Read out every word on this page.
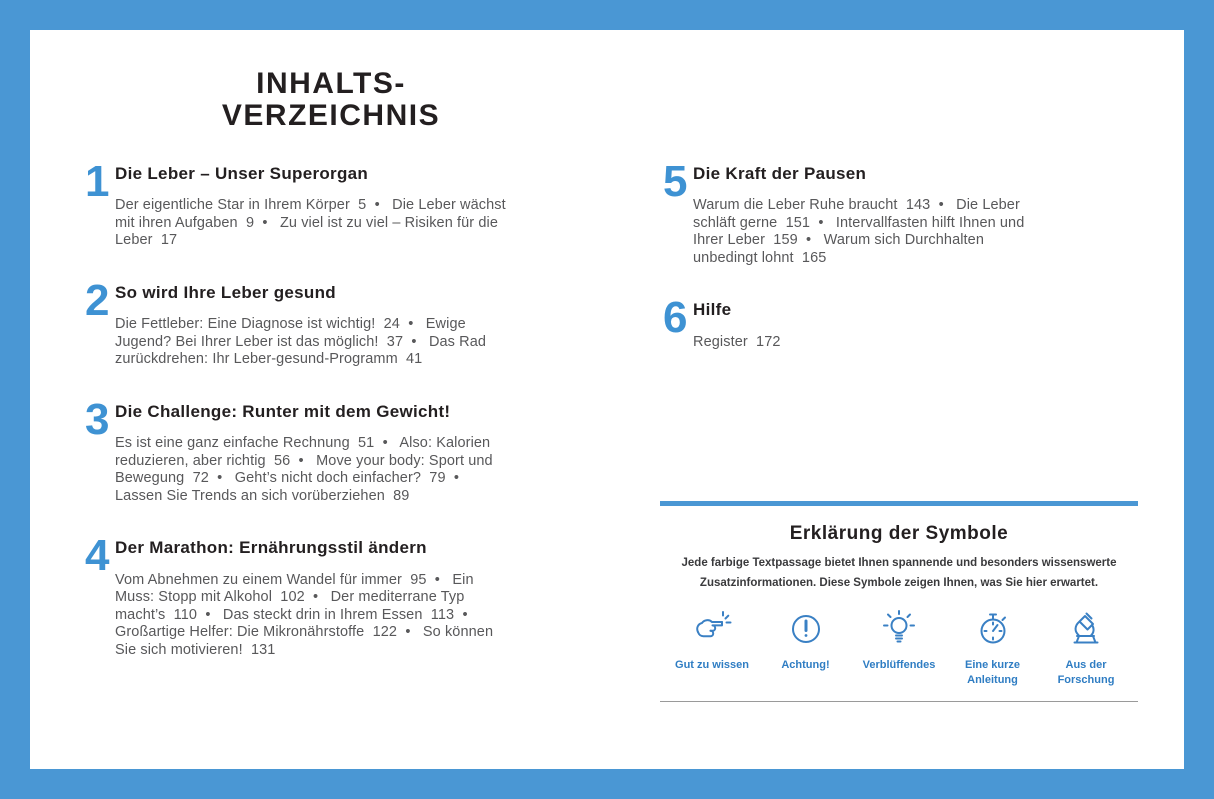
INHALTS-
VERZEICHNIS
1 Die Leber – Unser Superorgan
Der eigentliche Star in Ihrem Körper  5  •   Die Leber wächst mit ihren Aufgaben  9  •   Zu viel ist zu viel – Risiken für die Leber  17
2 So wird Ihre Leber gesund
Die Fettleber: Eine Diagnose ist wichtig!  24  •   Ewige Jugend? Bei Ihrer Leber ist das möglich!  37  •   Das Rad zurückdrehen: Ihr Leber-gesund-Programm  41
3 Die Challenge: Runter mit dem Gewicht!
Es ist eine ganz einfache Rechnung  51  •   Also: Kalorien reduzieren, aber richtig  56  •   Move your body: Sport und Bewegung  72  •   Geht’s nicht doch einfacher?  79  •   Lassen Sie Trends an sich vorüberziehen  89
4 Der Marathon: Ernährungsstil ändern
Vom Abnehmen zu einem Wandel für immer  95  •   Ein Muss: Stopp mit Alkohol  102  •   Der mediterrane Typ macht’s  110  •   Das steckt drin in Ihrem Essen  113  •   Großartige Helfer: Die Mikronährstoffe  122  •   So können Sie sich motivieren!  131
5 Die Kraft der Pausen
Warum die Leber Ruhe braucht  143  •   Die Leber schläft gerne  151  •   Intervallfasten hilft Ihnen und Ihrer Leber  159  •   Warum sich Durchhalten unbedingt lohnt  165
6 Hilfe
Register  172
Erklärung der Symbole
Jede farbige Textpassage bietet Ihnen spannende und besonders wissenswerte Zusatzinformationen. Diese Symbole zeigen Ihnen, was Sie hier erwartet.
Gut zu wissen	Achtung!	Verblüffendes	Eine kurze Anleitung
Aus der Forschung
